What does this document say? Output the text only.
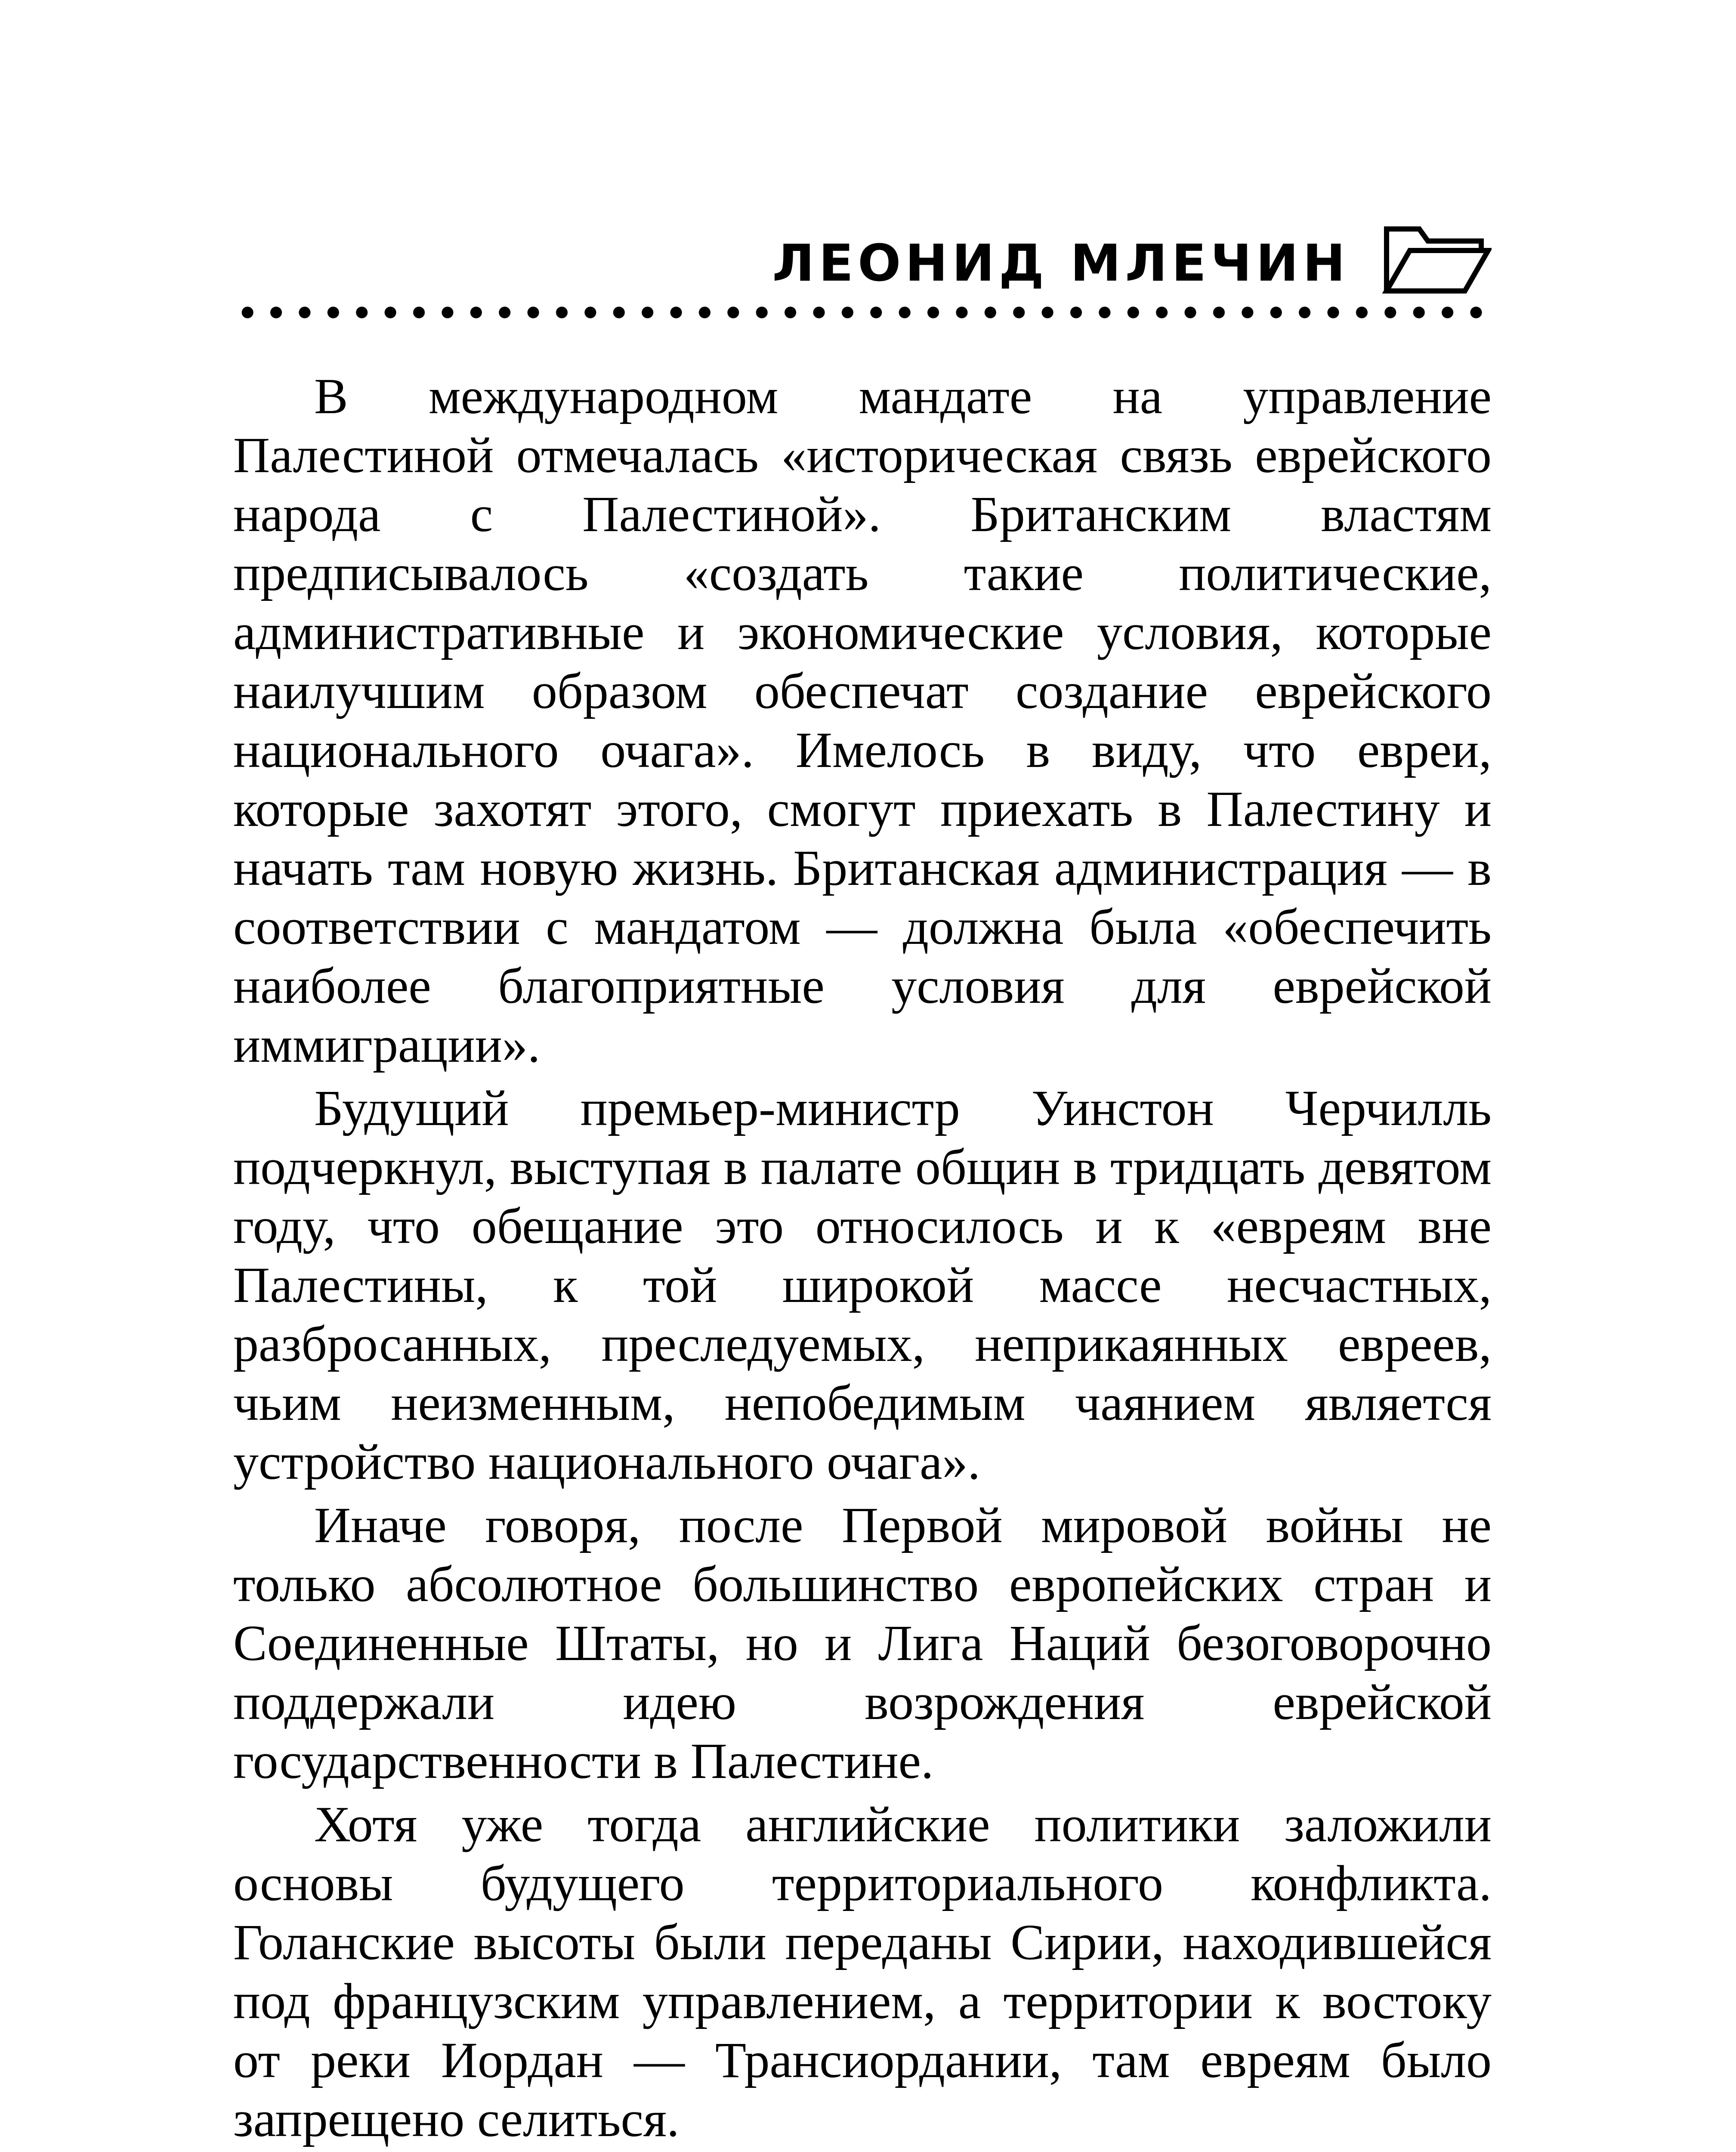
ЛЕОНИД МЛЕЧИН

В международном мандате на управление Палестиной отмечалась «историческая связь еврейского народа с Палестиной». Британским властям предписывалось «создать такие политические, административные и экономические условия, которые наилучшим образом обеспечат создание еврейского национального очага». Имелось в виду, что евреи, которые захотят этого, смогут приехать в Палестину и начать там новую жизнь. Британская администрация — в соответствии с мандатом — должна была «обеспечить наиболее благоприятные условия для еврейской иммиграции».

Будущий премьер-министр Уинстон Черчилль подчеркнул, выступая в палате общин в тридцать девятом году, что обещание это относилось и к «евреям вне Палестины, к той широкой массе несчастных, разбросанных, преследуемых, неприкаянных евреев, чьим неизменным, непобедимым чаянием является устройство национального очага».

Иначе говоря, после Первой мировой войны не только абсолютное большинство европейских стран и Соединенные Штаты, но и Лига Наций безоговорочно поддержали идею возрождения еврейской государственности в Палестине.

Хотя уже тогда английские политики заложили основы будущего территориального конфликта. Голанские высоты были переданы Сирии, находившейся под французским управлением, а территории к востоку от реки Иордан — Трансиордании, там евреям было запрещено селиться.
